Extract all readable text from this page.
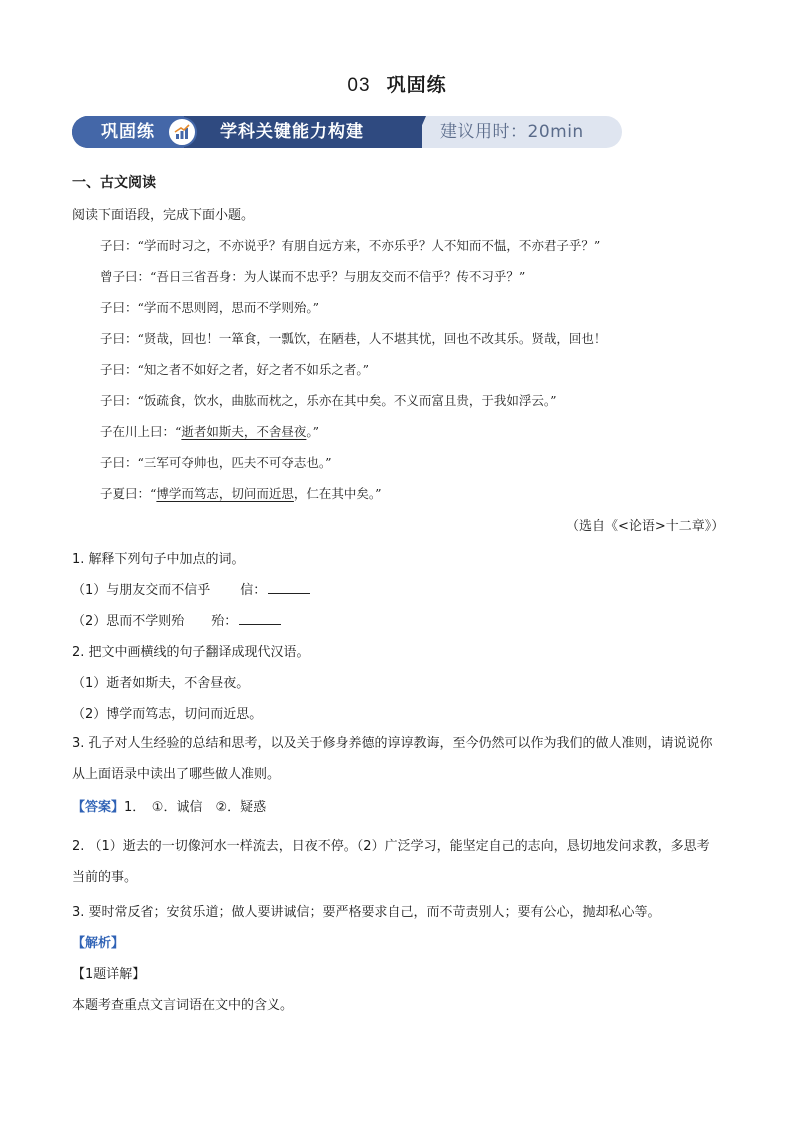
03 巩固练
巩固练	学科关键能力构建	建议用时：20min
一、古文阅读
阅读下面语段，完成下面小题。
子曰：“学而时习之，不亦说乎？有朋自远方来，不亦乐乎？人不知而不愠，不亦君子乎？”
曾子曰：“吾日三省吾身：为人谋而不忠乎？与朋友交而不信乎？传不习乎？”
子曰：“学而不思则罔，思而不学则殆。”
子曰：“贤哉，回也！一箪食，一瓢饮，在陋巷，人不堪其忧，回也不改其乐。贤哉，回也！
子曰：“知之者不如好之者，好之者不如乐之者。”
子曰：“饭疏食，饮水，曲肱而枕之，乐亦在其中矣。不义而富且贵，于我如浮云。”
子在川上曰：“逝者如斯夫，不舍昼夜。”
子曰：“三军可夺帅也，匹夫不可夺志也。”
子夏曰：“博学而笃志，切问而近思，仁在其中矣。”
（选自《<论语>十二章》）
1. 解释下列句子中加点的词。
（1）与朋友交而不信乎 信：
（2）思而不学则殆 殆：
2. 把文中画横线的句子翻译成现代汉语。
（1）逝者如斯夫，不舍昼夜。
（2）博学而笃志，切问而近思。
3. 孔子对人生经验的总结和思考，以及关于修身养德的谆谆教诲，至今仍然可以作为我们的做人准则，请说说你从上面语录中读出了哪些做人准则。
【答案】1．　①．诚信　②．疑惑
2. （1）逝去的一切像河水一样流去，日夜不停。（2）广泛学习，能坚定自己的志向，恳切地发问求教，多思考当前的事。
3. 要时常反省；安贫乐道；做人要讲诚信；要严格要求自己，而不苛责别人；要有公心，抛却私心等。
【解析】
【1题详解】
本题考查重点文言词语在文中的含义。
